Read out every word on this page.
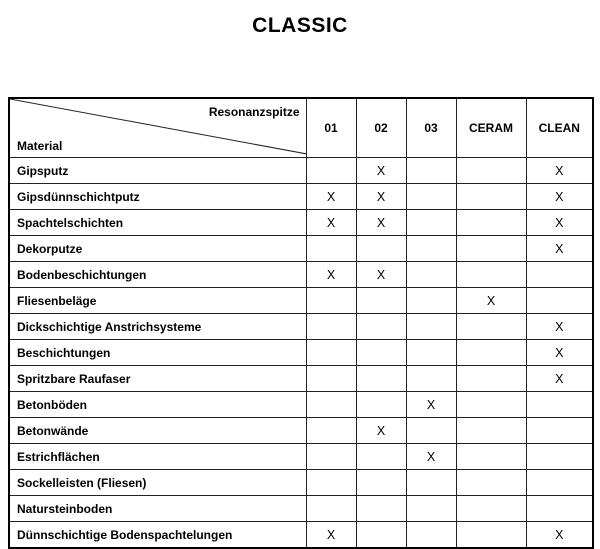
CLASSIC
Resonanzspitze
Material	01	02	03	CERAM	CLEAN
Gipsputz		X			X
Gipsdünnschichtputz	X	X			X
Spachtelschichten	X	X			X
Dekorputze					X
Bodenbeschichtungen	X	X			
Fliesenbeläge				X	
Dickschichtige Anstrichsysteme					X
Beschichtungen					X
Spritzbare Raufaser					X
Betonböden			X		
Betonwände		X			
Estrichflächen			X		
Sockelleisten (Fliesen)					
Natursteinboden					
Dünnschichtige Bodenspachtelungen	X				X
